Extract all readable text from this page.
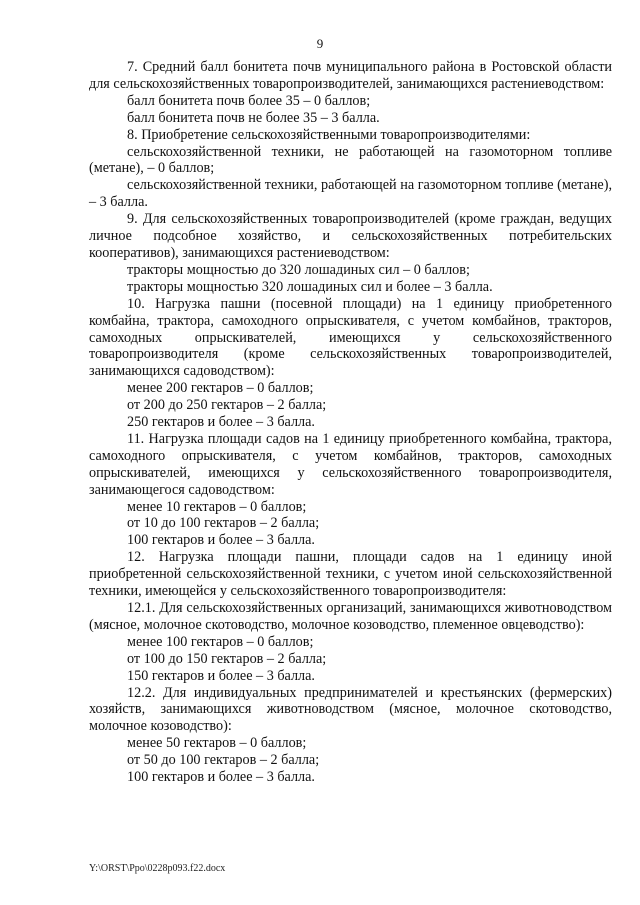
9

7. Средний балл бонитета почв муниципального района в Ростовской области для сельскохозяйственных товаропроизводителей, занимающихся растениеводством:

балл бонитета почв более 35 – 0 баллов;

балл бонитета почв не более 35 – 3 балла.

8. Приобретение сельскохозяйственными товаропроизводителями:

сельскохозяйственной техники, не работающей на газомоторном топливе (метане), – 0 баллов;

сельскохозяйственной техники, работающей на газомоторном топливе (метане), – 3 балла.

9. Для сельскохозяйственных товаропроизводителей (кроме граждан, ведущих личное подсобное хозяйство, и сельскохозяйственных потребительских кооперативов), занимающихся растениеводством:

тракторы мощностью до 320 лошадиных сил – 0 баллов;

тракторы мощностью 320 лошадиных сил и более – 3 балла.

10. Нагрузка пашни (посевной площади) на 1 единицу приобретенного комбайна, трактора, самоходного опрыскивателя, с учетом комбайнов, тракторов, самоходных опрыскивателей, имеющихся у сельскохозяйственного товаропроизводителя (кроме сельскохозяйственных товаропроизводителей, занимающихся садоводством):

менее 200 гектаров – 0 баллов;

от 200 до 250 гектаров – 2 балла;

250 гектаров и более – 3 балла.

11. Нагрузка площади садов на 1 единицу приобретенного комбайна, трактора, самоходного опрыскивателя, с учетом комбайнов, тракторов, самоходных опрыскивателей, имеющихся у сельскохозяйственного товаропроизводителя, занимающегося садоводством:

менее 10 гектаров – 0 баллов;

от 10 до 100 гектаров – 2 балла;

100 гектаров и более – 3 балла.

12. Нагрузка площади пашни, площади садов на 1 единицу иной приобретенной сельскохозяйственной техники, с учетом иной сельскохозяйственной техники, имеющейся у сельскохозяйственного товаропроизводителя:

12.1. Для сельскохозяйственных организаций, занимающихся животноводством (мясное, молочное скотоводство, молочное козоводство, племенное овцеводство):

менее 100 гектаров – 0 баллов;

от 100 до 150 гектаров – 2 балла;

150 гектаров и более – 3 балла.

12.2. Для индивидуальных предпринимателей и крестьянских (фермерских) хозяйств, занимающихся животноводством (мясное, молочное скотоводство, молочное козоводство):

менее 50 гектаров – 0 баллов;

от 50 до 100 гектаров – 2 балла;

100 гектаров и более – 3 балла.

Y:\ORST\Ppo\0228p093.f22.docx
